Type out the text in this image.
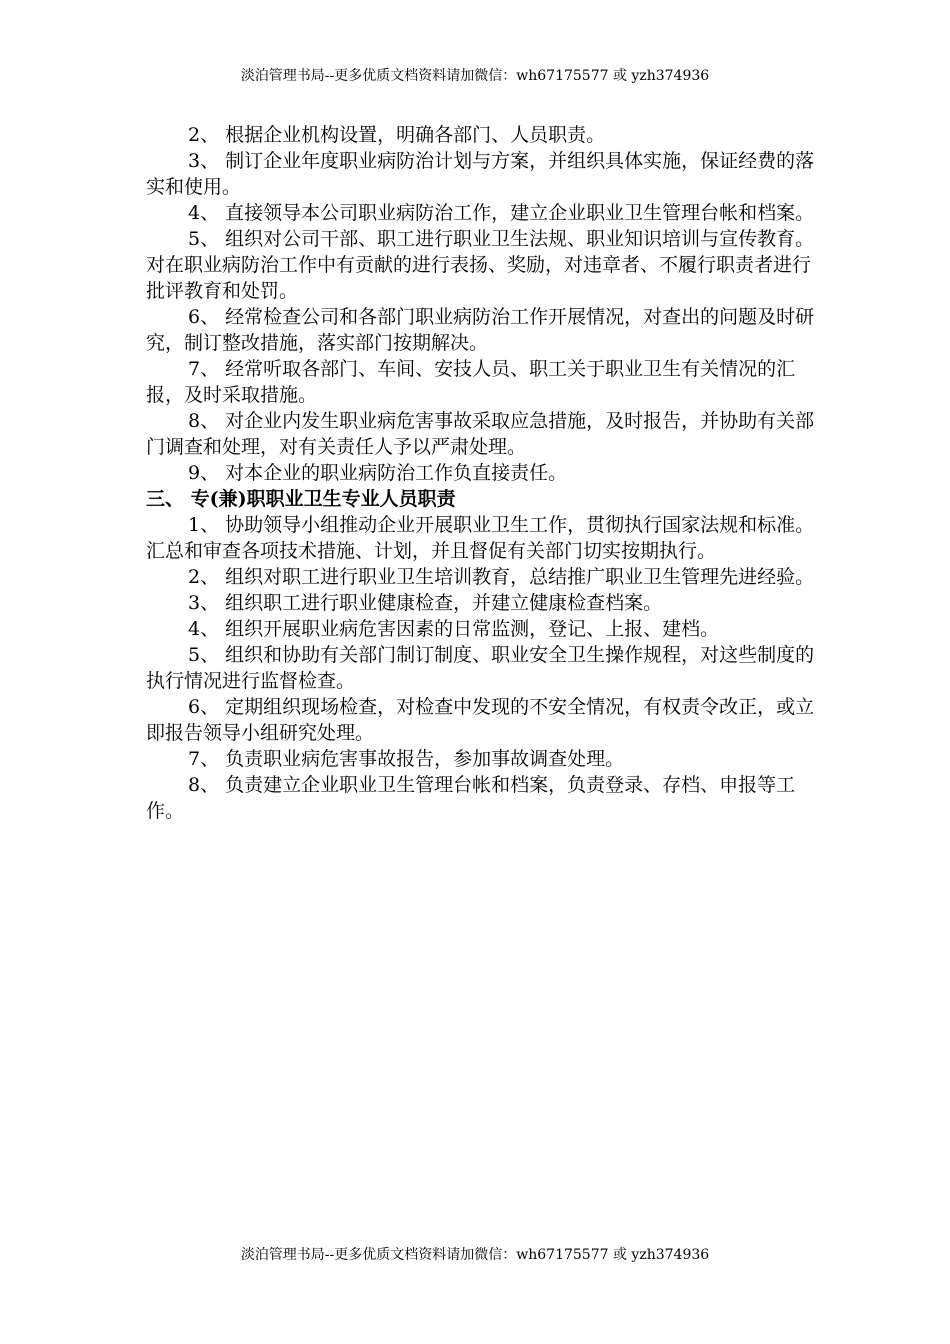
淡泊管理书局--更多优质文档资料请加微信：wh67175577 或 yzh374936

2、 根据企业机构设置，明确各部门、人员职责。

3、 制订企业年度职业病防治计划与方案，并组织具体实施，保证经费的落实和使用。

4、 直接领导本公司职业病防治工作，建立企业职业卫生管理台帐和档案。

5、 组织对公司干部、职工进行职业卫生法规、职业知识培训与宣传教育。对在职业病防治工作中有贡献的进行表扬、奖励，对违章者、不履行职责者进行批评教育和处罚。

6、 经常检查公司和各部门职业病防治工作开展情况，对查出的问题及时研究，制订整改措施，落实部门按期解决。

7、 经常听取各部门、车间、安技人员、职工关于职业卫生有关情况的汇报，及时采取措施。

8、 对企业内发生职业病危害事故采取应急措施，及时报告，并协助有关部门调查和处理，对有关责任人予以严肃处理。

9、 对本企业的职业病防治工作负直接责任。

三、 专(兼)职职业卫生专业人员职责

1、 协助领导小组推动企业开展职业卫生工作，贯彻执行国家法规和标准。汇总和审查各项技术措施、计划，并且督促有关部门切实按期执行。

2、 组织对职工进行职业卫生培训教育，总结推广职业卫生管理先进经验。

3、 组织职工进行职业健康检查，并建立健康检查档案。

4、 组织开展职业病危害因素的日常监测，登记、上报、建档。

5、 组织和协助有关部门制订制度、职业安全卫生操作规程，对这些制度的执行情况进行监督检查。

6、 定期组织现场检查，对检查中发现的不安全情况，有权责令改正，或立即报告领导小组研究处理。

7、 负责职业病危害事故报告，参加事故调查处理。

8、 负责建立企业职业卫生管理台帐和档案，负责登录、存档、申报等工作。

淡泊管理书局--更多优质文档资料请加微信：wh67175577 或 yzh374936
